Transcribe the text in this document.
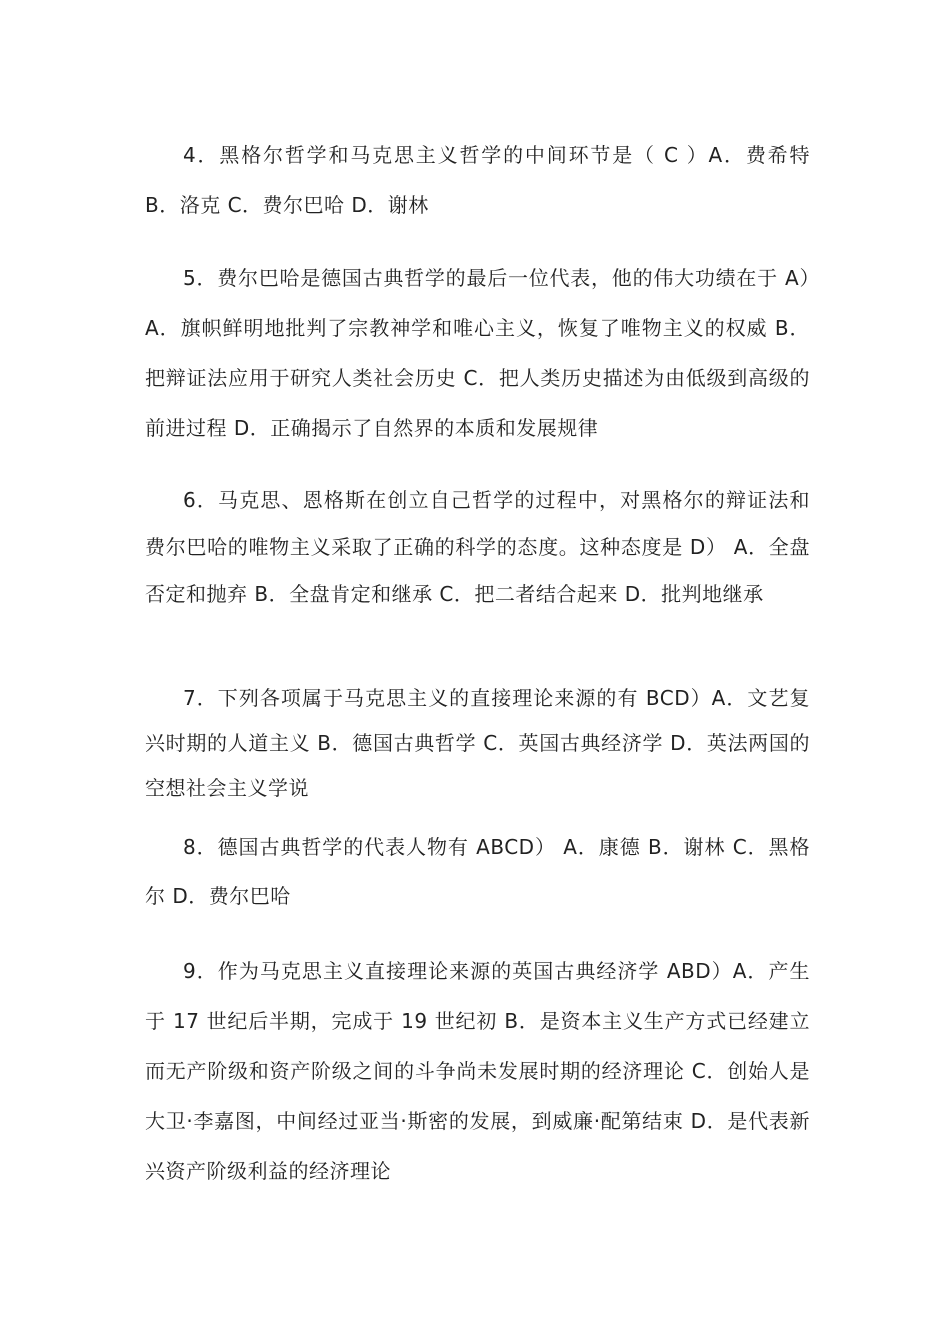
4．黑格尔哲学和马克思主义哲学的中间环节是（ C ）A．费希特 B．洛克 C．费尔巴哈 D．谢林

5．费尔巴哈是德国古典哲学的最后一位代表，他的伟大功绩在于 A）A．旗帜鲜明地批判了宗教神学和唯心主义，恢复了唯物主义的权威 B．把辩证法应用于研究人类社会历史 C．把人类历史描述为由低级到高级的前进过程 D．正确揭示了自然界的本质和发展规律

6．马克思、恩格斯在创立自己哲学的过程中，对黑格尔的辩证法和费尔巴哈的唯物主义采取了正确的科学的态度。这种态度是 D） A．全盘否定和抛弃 B．全盘肯定和继承 C．把二者结合起来 D．批判地继承

7．下列各项属于马克思主义的直接理论来源的有 BCD）A．文艺复兴时期的人道主义 B．德国古典哲学 C．英国古典经济学 D．英法两国的空想社会主义学说

8．德国古典哲学的代表人物有 ABCD） A．康德 B．谢林 C．黑格尔 D．费尔巴哈

9．作为马克思主义直接理论来源的英国古典经济学 ABD）A．产生于 17 世纪后半期，完成于 19 世纪初 B．是资本主义生产方式已经建立而无产阶级和资产阶级之间的斗争尚未发展时期的经济理论 C．创始人是大卫·李嘉图，中间经过亚当·斯密的发展，到威廉·配第结束 D．是代表新兴资产阶级利益的经济理论
